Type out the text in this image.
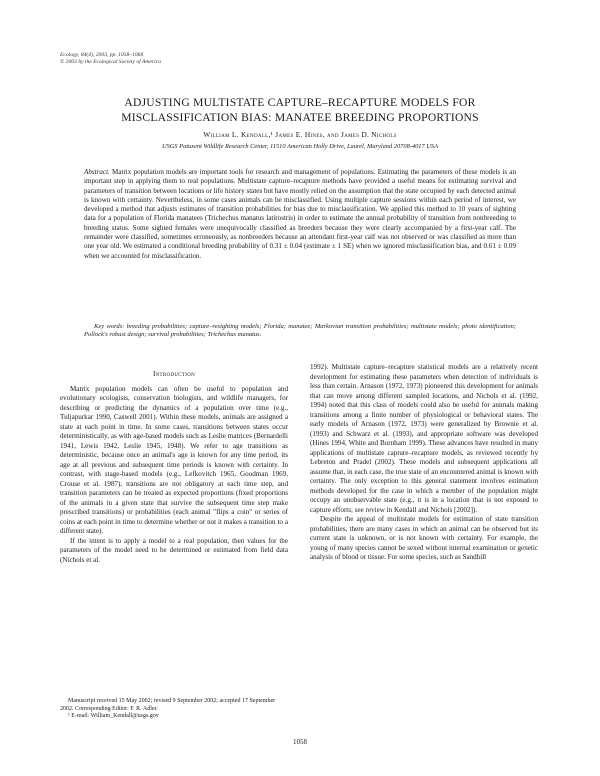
Ecology, 84(4), 2003, pp. 1058–1066
© 2003 by the Ecological Society of America
ADJUSTING MULTISTATE CAPTURE–RECAPTURE MODELS FOR
MISCLASSIFICATION BIAS: MANATEE BREEDING PROPORTIONS
William L. Kendall,¹ James E. Hines, and James D. Nichols
USGS Patuxent Wildlife Research Center, 11510 American Holly Drive, Laurel, Maryland 20708-4017 USA
Abstract. Matrix population models are important tools for research and management of populations. Estimating the parameters of these models is an important step in applying them to real populations. Multistate capture–recapture methods have provided a useful means for estimating survival and parameters of transition between locations or life history states but have mostly relied on the assumption that the state occupied by each detected animal is known with certainty. Nevertheless, in some cases animals can be misclassified. Using multiple capture sessions within each period of interest, we developed a method that adjusts estimates of transition probabilities for bias due to misclassification. We applied this method to 10 years of sighting data for a population of Florida manatees (Trichechus manatus latirostris) in order to estimate the annual probability of transition from nonbreeding to breeding status. Some sighted females were unequivocally classified as breeders because they were clearly accompanied by a first-year calf. The remainder were classified, sometimes erroneously, as nonbreeders because an attendant first-year calf was not observed or was classified as more than one year old. We estimated a conditional breeding probability of 0.31 ± 0.04 (estimate ± 1 SE) when we ignored misclassification bias, and 0.61 ± 0.09 when we accounted for misclassification.
Key words: breeding probabilities; capture–resighting models; Florida; manatee; Markovian transition probabilities; multistate models; photo identification; Pollock's robust design; survival probabilities; Trichechus manatus.
Introduction

Matrix population models can often be useful to population and evolutionary ecologists, conservation biologists, and wildlife managers, for describing or predicting the dynamics of a population over time (e.g., Tuljapurkar 1990, Caswell 2001). Within these models, animals are assigned a state at each point in time. In some cases, transitions between states occur deterministically, as with age-based models such as Leslie matrices (Bernardelli 1941, Lewis 1942, Leslie 1945, 1948). We refer to age transitions as deterministic, because once an animal's age is known for any time period, its age at all previous and subsequent time periods is known with certainty. In contrast, with stage-based models (e.g., Lefkovitch 1965, Goodman 1969, Crouse et al. 1987), transitions are not obligatory at each time step, and transition parameters can be treated as expected proportions (fixed proportions of the animals in a given state that survive the subsequent time step make prescribed transitions) or probabilities (each animal "flips a coin" or series of coins at each point in time to determine whether or not it makes a transition to a different state).

If the intent is to apply a model to a real population, then values for the parameters of the model need to be determined or estimated from field data (Nichols et al.

1992). Multistate capture–recapture statistical models are a relatively recent development for estimating these parameters when detection of individuals is less than certain. Arnason (1972, 1973) pioneered this development for animals that can move among different sampled locations, and Nichols et al. (1992, 1994) noted that this class of models could also be useful for animals making transitions among a finite number of physiological or behavioral states. The early models of Arnason (1972, 1973) were generalized by Brownie et al. (1993) and Schwarz et al. (1993), and appropriate software was developed (Hines 1994, White and Burnham 1999). These advances have resulted in many applications of multistate capture–recapture models, as reviewed recently by Lebreton and Pradel (2002). These models and subsequent applications all assume that, in each case, the true state of an encountered animal is known with certainty. The only exception to this general statement involves estimation methods developed for the case in which a member of the population might occupy an unobservable state (e.g., it is in a location that is not exposed to capture efforts; see review in Kendall and Nichols [2002]).

Despite the appeal of multistate models for estimation of state transition probabilities, there are many cases in which an animal can be observed but its current state is unknown, or is not known with certainty. For example, the young of many species cannot be sexed without internal examination or genetic analysis of blood or tissue. For some species, such as Sandhill

Manuscript received 15 May 2002; revised 9 September 2002; accepted 17 September 2002. Corresponding Editor: F. R. Adler.

¹ E-mail: William_Kendall@usgs.gov

1058
